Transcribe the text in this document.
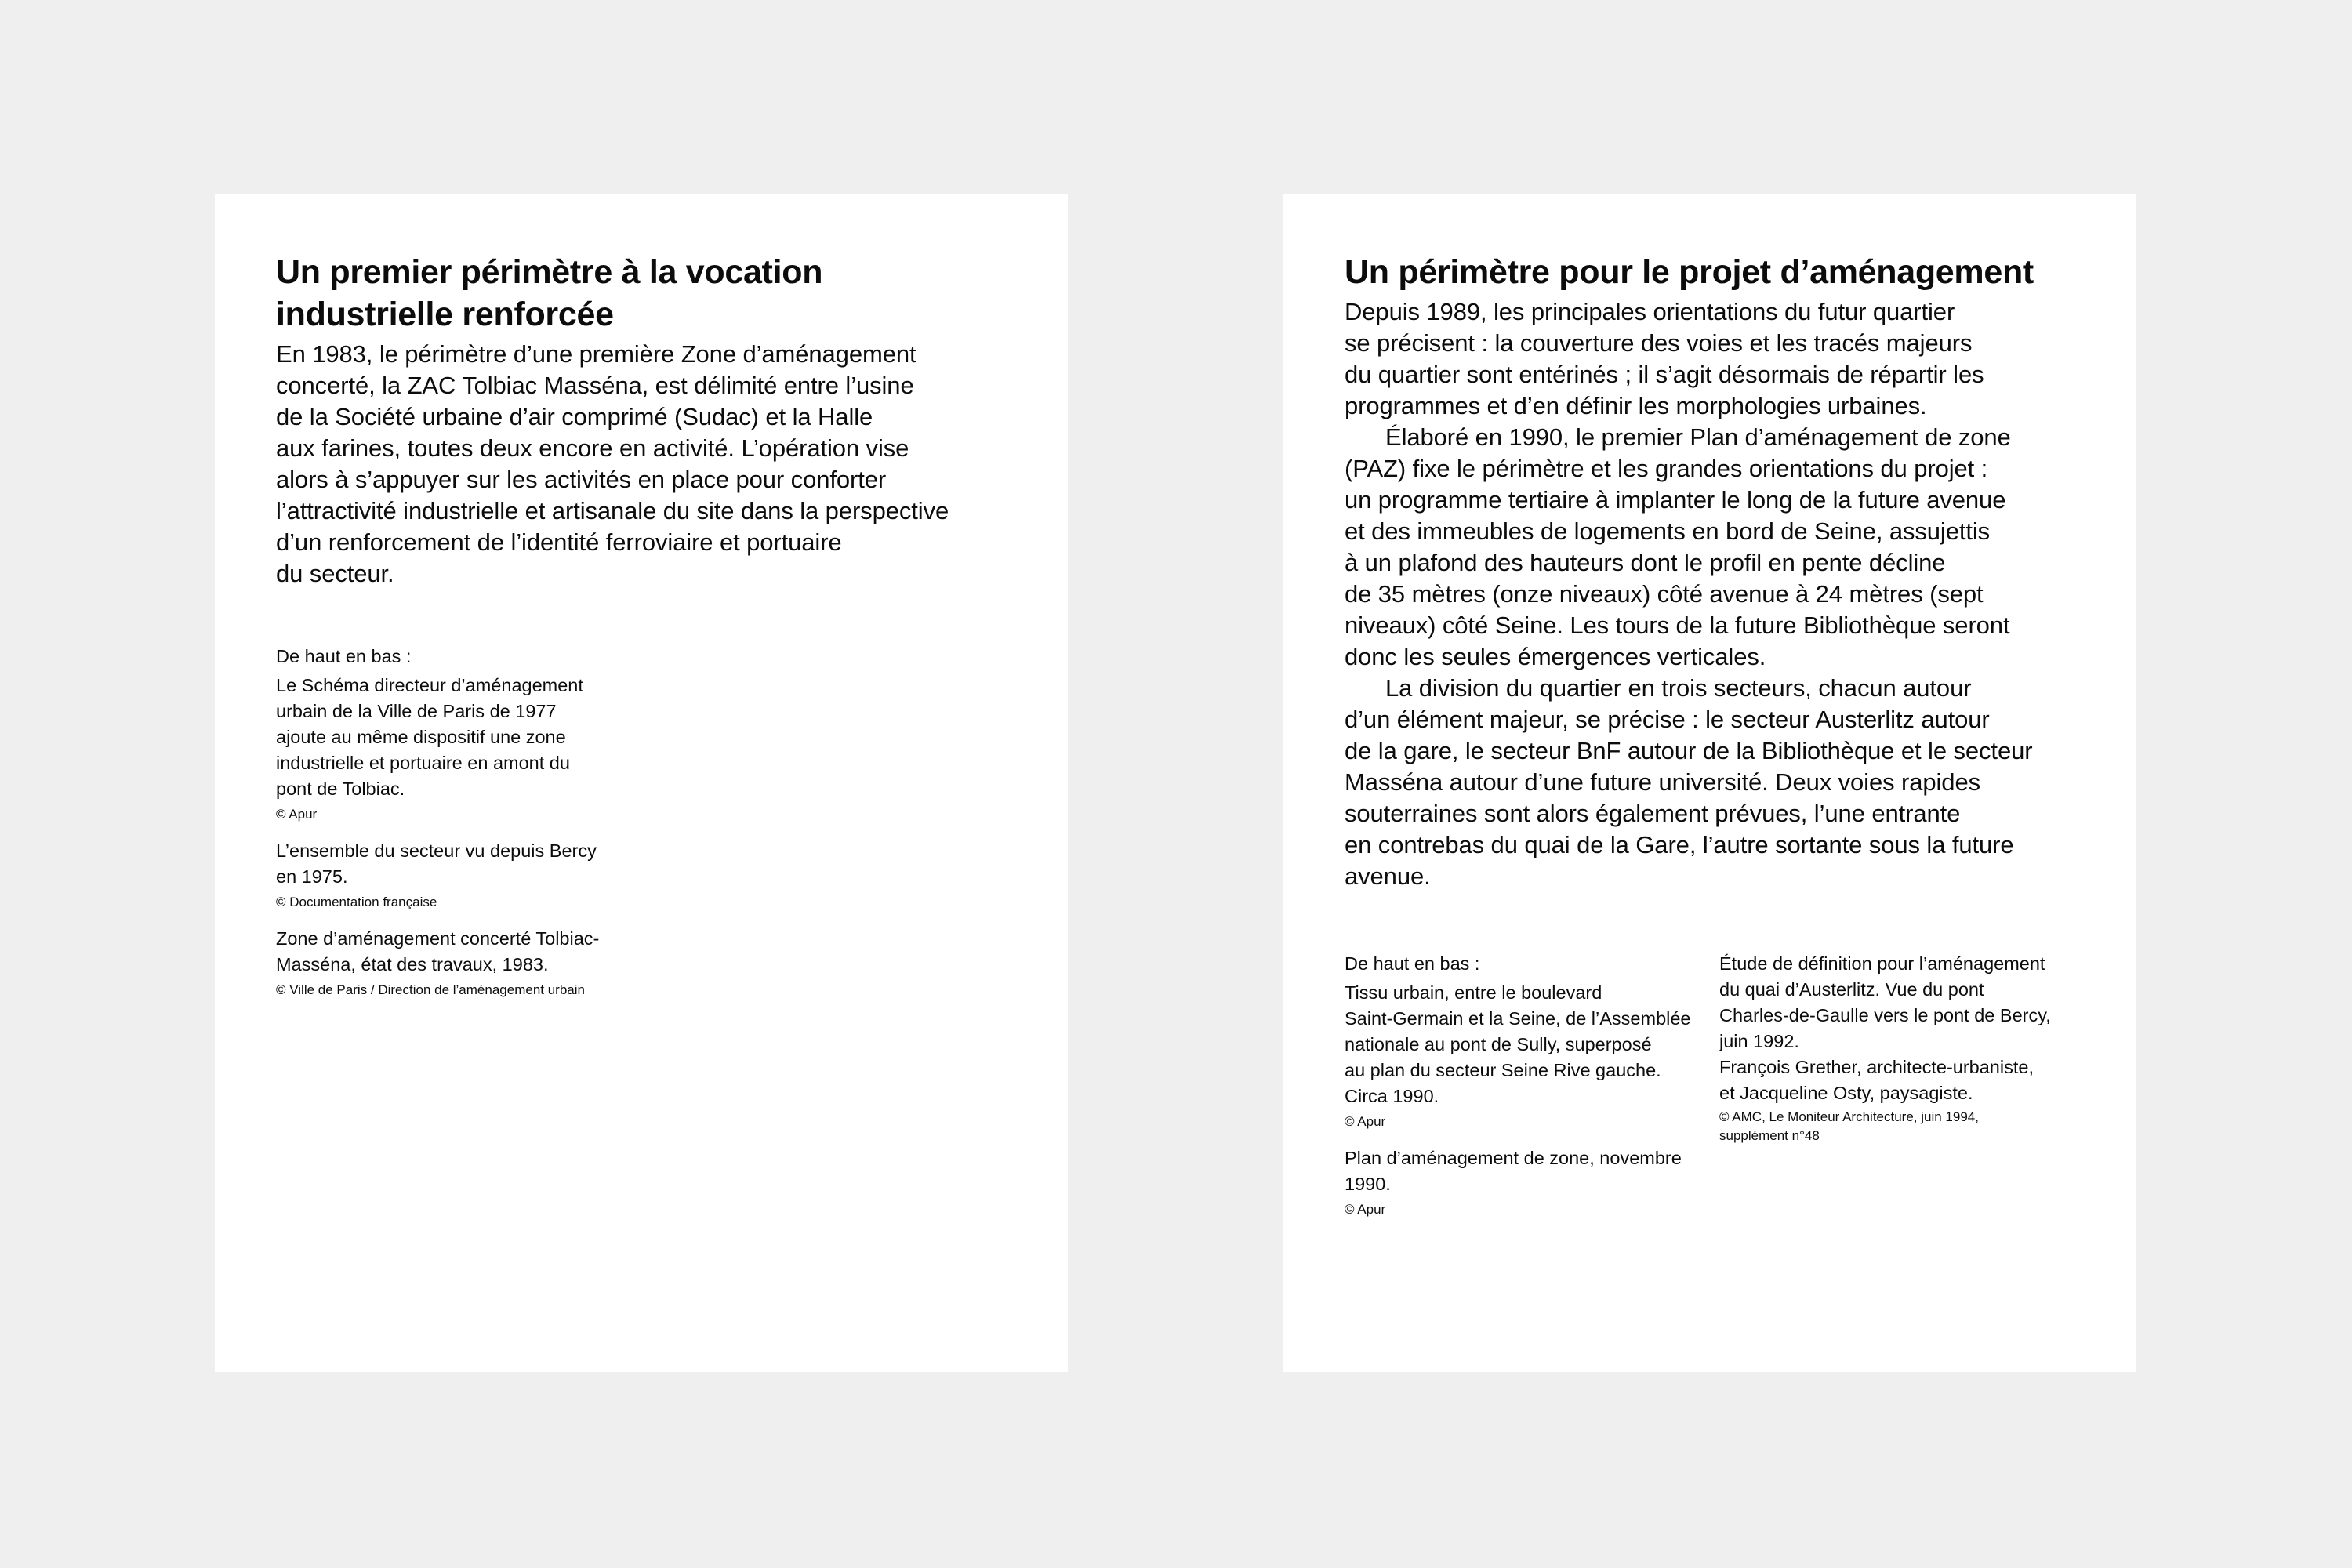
Un premier périmètre à la vocation
industrielle renforcée

En 1983, le périmètre d’une première Zone d’aménagement
concerté, la ZAC Tolbiac Masséna, est délimité entre l’usine
de la Société urbaine d’air comprimé (Sudac) et la Halle
aux farines, toutes deux encore en activité. L’opération vise
alors à s’appuyer sur les activités en place pour conforter
l’attractivité industrielle et artisanale du site dans la perspective
d’un renforcement de l’identité ferroviaire et portuaire
du secteur.

De haut en bas :

Le Schéma directeur d’aménagement
urbain de la Ville de Paris de 1977
ajoute au même dispositif une zone
industrielle et portuaire en amont du
pont de Tolbiac.
© Apur
L’ensemble du secteur vu depuis Bercy
en 1975.
© Documentation française
Zone d’aménagement concerté Tolbiac-
Masséna, état des travaux, 1983.
© Ville de Paris / Direction de l’aménagement urbain
Un périmètre pour le projet d’aménagement

Depuis 1989, les principales orientations du futur quartier
se précisent : la couverture des voies et les tracés majeurs
du quartier sont entérinés ; il s’agit désormais de répartir les
programmes et d’en définir les morphologies urbaines.

Élaboré en 1990, le premier Plan d’aménagement de zone
(PAZ) fixe le périmètre et les grandes orientations du projet :
un programme tertiaire à implanter le long de la future avenue
et des immeubles de logements en bord de Seine, assujettis
à un plafond des hauteurs dont le profil en pente décline
de 35 mètres (onze niveaux) côté avenue à 24 mètres (sept
niveaux) côté Seine. Les tours de la future Bibliothèque seront
donc les seules émergences verticales.

La division du quartier en trois secteurs, chacun autour
d’un élément majeur, se précise : le secteur Austerlitz autour
de la gare, le secteur BnF autour de la Bibliothèque et le secteur
Masséna autour d’une future université. Deux voies rapides
souterraines sont alors également prévues, l’une entrante
en contrebas du quai de la Gare, l’autre sortante sous la future
avenue.

De haut en bas :

Tissu urbain, entre le boulevard
Saint-Germain et la Seine, de l’Assemblée
nationale au pont de Sully, superposé
au plan du secteur Seine Rive gauche.
Circa 1990.
© Apur
Plan d’aménagement de zone, novembre
1990.
© Apur
Étude de définition pour l’aménagement
du quai d’Austerlitz. Vue du pont
Charles-de-Gaulle vers le pont de Bercy,
juin 1992.
François Grether, architecte-urbaniste,
et Jacqueline Osty, paysagiste.
© AMC, Le Moniteur Architecture, juin 1994,
supplément n°48
